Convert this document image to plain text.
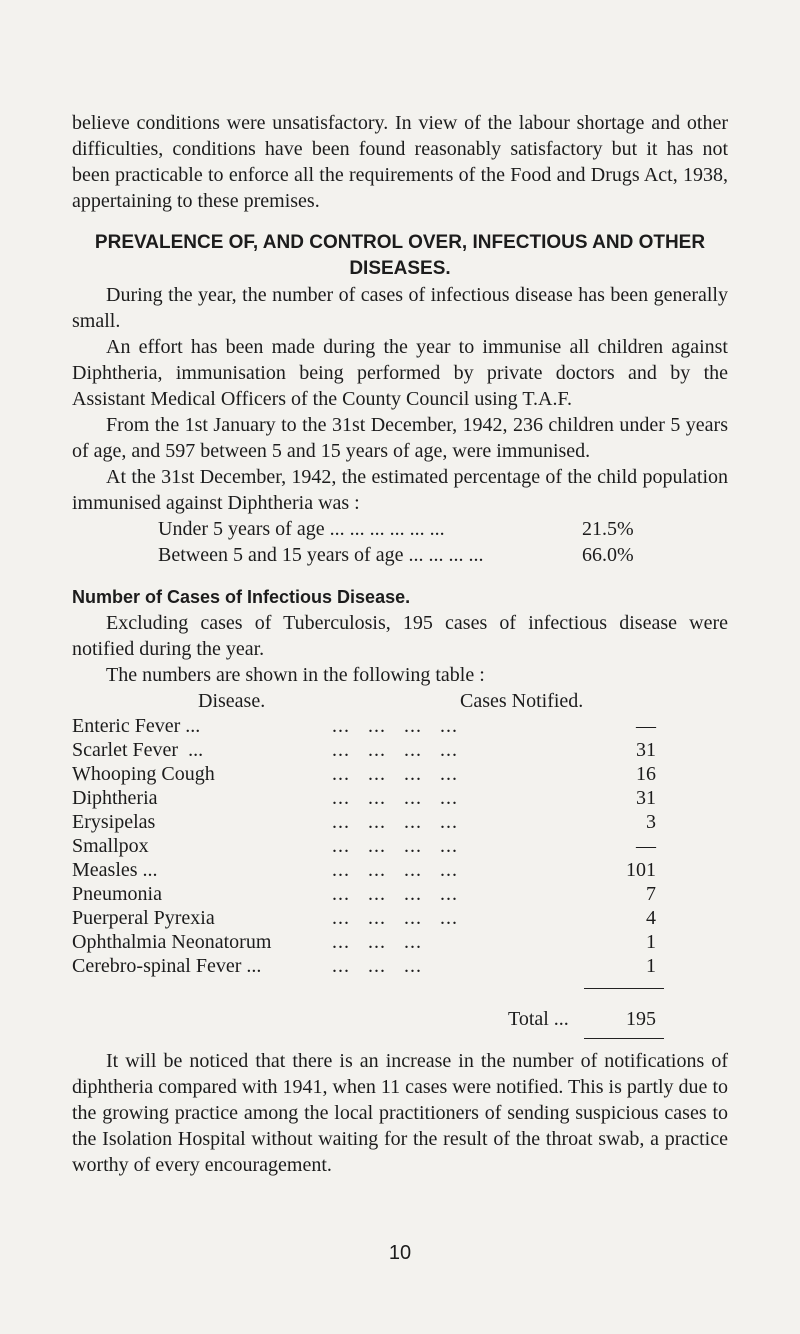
believe conditions were unsatisfactory. In view of the labour shortage and other difficulties, conditions have been found reasonably satisfactory but it has not been practicable to enforce all the requirements of the Food and Drugs Act, 1938, appertaining to these premises.

PREVALENCE OF, AND CONTROL OVER, INFECTIOUS AND OTHER DISEASES.

During the year, the number of cases of infectious disease has been generally small.

An effort has been made during the year to immunise all children against Diphtheria, immunisation being performed by private doctors and by the Assistant Medical Officers of the County Council using T.A.F.

From the 1st January to the 31st December, 1942, 236 children under 5 years of age, and 597 between 5 and 15 years of age, were immunised.

At the 31st December, 1942, the estimated percentage of the child population immunised against Diphtheria was :

Under 5 years of age ... ... ... ... ... ...	21.5%
Between 5 and 15 years of age ... ... ... ...	66.0%
Number of Cases of Infectious Disease.

Excluding cases of Tuberculosis, 195 cases of infectious disease were notified during the year.

The numbers are shown in the following table :

Disease.	Cases Notified.
Enteric Fever ...	...   ...   ...   ...	—
Scarlet Fever  ...	...   ...   ...   ...	31
Whooping Cough	...   ...   ...   ...	16
Diphtheria	...   ...   ...   ...	31
Erysipelas	...   ...   ...   ...	3
Smallpox	...   ...   ...   ...	—
Measles ...	...   ...   ...   ...	101
Pneumonia	...   ...   ...   ...	7
Puerperal Pyrexia	...   ...   ...   ...	4
Ophthalmia Neonatorum	...   ...   ...	1
Cerebro-spinal Fever ...	...   ...   ...	1
Total ...	195

It will be noticed that there is an increase in the number of notifications of diphtheria compared with 1941, when 11 cases were notified. This is partly due to the growing practice among the local practitioners of sending suspicious cases to the Isolation Hospital without waiting for the result of the throat swab, a practice worthy of every encouragement.

10
